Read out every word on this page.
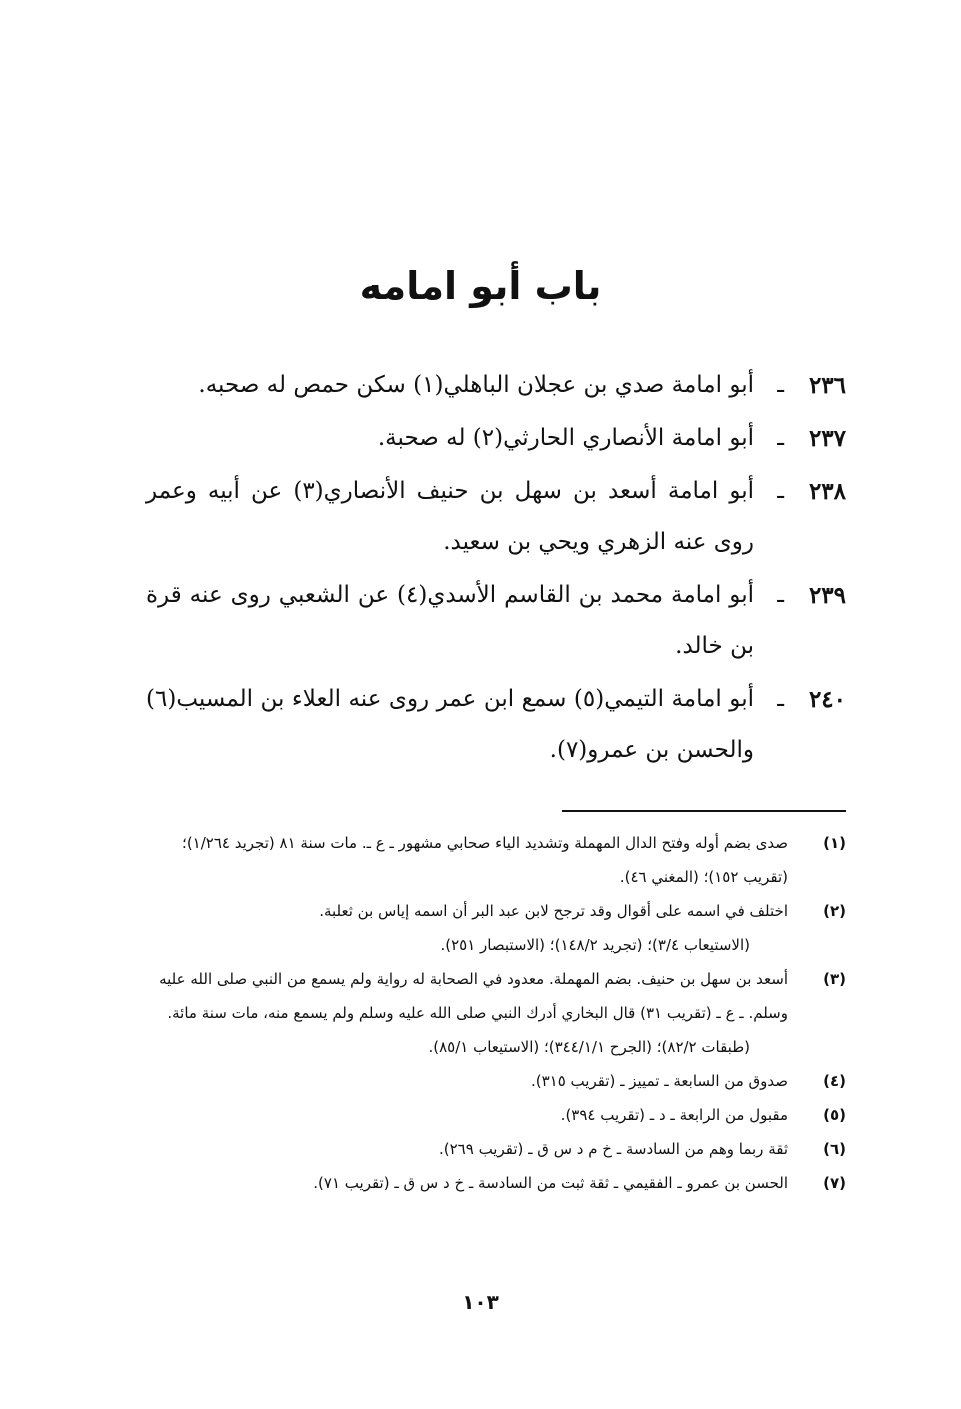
باب أبو امامه
٢٣٦
ـ
أبو امامة صدي بن عجلان الباهلي(١) سكن حمص له صحبه.
٢٣٧
ـ
أبو امامة الأنصاري الحارثي(٢) له صحبة.
٢٣٨
ـ
أبو امامة أسعد بن سهل بن حنيف الأنصاري(٣) عن أبيه وعمر روى عنه الزهري ويحي بن سعيد.
٢٣٩
ـ
أبو امامة محمد بن القاسم الأسدي(٤) عن الشعبي روى عنه قرة بن خالد.
٢٤٠
ـ
أبو امامة التيمي(٥) سمع ابن عمر روى عنه العلاء بن المسيب(٦) والحسن بن عمرو(٧).
(١)
صدى بضم أوله وفتح الدال المهملة وتشديد الياء صحابي مشهور ـ ع ـ. مات سنة ٨١ (تجريد ١/٢٦٤)؛ (تقريب ١٥٢)؛ (المغني ٤٦).
(٢)
اختلف في اسمه على أقوال وقد ترجح لابن عبد البر أن اسمه إياس بن ثعلبة.
(الاستيعاب ٣/٤)؛ (تجريد ١٤٨/٢)؛ (الاستبصار ٢٥١).
(٣)
أسعد بن سهل بن حنيف. بضم المهملة. معدود في الصحابة له رواية ولم يسمع من النبي صلى الله عليه وسلم. ـ ع ـ (تقريب ٣١) قال البخاري أدرك النبي صلى الله عليه وسلم ولم يسمع منه، مات سنة مائة.
(طبقات ٨٢/٢)؛ (الجرح ٣٤٤/١/١)؛ (الاستيعاب ٨٥/١).
(٤)
صدوق من السابعة ـ تمييز ـ (تقريب ٣١٥).
(٥)
مقبول من الرابعة ـ د ـ (تقريب ٣٩٤).
(٦)
ثقة ربما وهم من السادسة ـ خ م د س ق ـ (تقريب ٢٦٩).
(٧)
الحسن بن عمرو ـ الفقيمي ـ ثقة ثبت من السادسة ـ خ د س ق ـ (تقريب ٧١).
١٠٣
